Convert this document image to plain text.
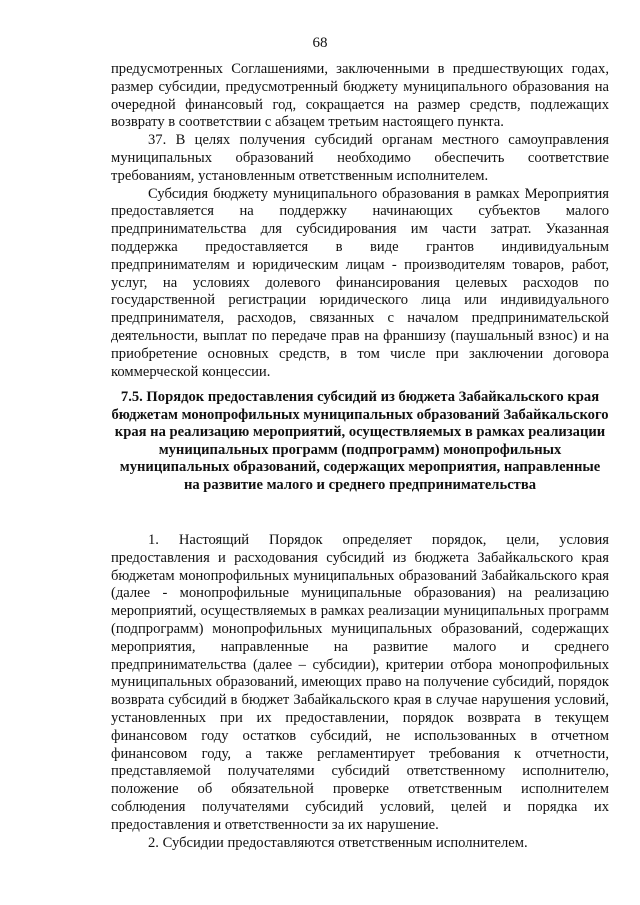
68

предусмотренных Соглашениями, заключенными в предшествующих годах, размер субсидии, предусмотренный бюджету муниципального образования на очередной финансовый год, сокращается на размер средств, подлежащих возврату в соответствии с абзацем третьим настоящего пункта.

37. В целях получения субсидий органам местного самоуправления муниципальных образований необходимо обеспечить соответствие требованиям, установленным ответственным исполнителем.

Субсидия бюджету муниципального образования в рамках Мероприятия предоставляется на поддержку начинающих субъектов малого предпринимательства для субсидирования им части затрат. Указанная поддержка предоставляется в виде грантов индивидуальным предпринимателям и юридическим лицам - производителям товаров, работ, услуг, на условиях долевого финансирования целевых расходов по государственной регистрации юридического лица или индивидуального предпринимателя, расходов, связанных с началом предпринимательской деятельности, выплат по передаче прав на франшизу (паушальный взнос) и на приобретение основных средств, в том числе при заключении договора коммерческой концессии.

7.5. Порядок предоставления субсидий из бюджета Забайкальского края бюджетам монопрофильных муниципальных образований Забайкальского края на реализацию мероприятий, осуществляемых в рамках реализации муниципальных программ (подпрограмм) монопрофильных муниципальных образований, содержащих мероприятия, направленные на развитие малого и среднего предпринимательства

1. Настоящий Порядок определяет порядок, цели, условия предоставления и расходования субсидий из бюджета Забайкальского края бюджетам монопрофильных муниципальных образований Забайкальского края (далее - монопрофильные муниципальные образования) на реализацию мероприятий, осуществляемых в рамках реализации муниципальных программ (подпрограмм) монопрофильных муниципальных образований, содержащих мероприятия, направленные на развитие малого и среднего предпринимательства (далее – субсидии), критерии отбора монопрофильных муниципальных образований, имеющих право на получение субсидий, порядок возврата субсидий в бюджет Забайкальского края в случае нарушения условий, установленных при их предоставлении, порядок возврата в текущем финансовом году остатков субсидий, не использованных в отчетном финансовом году, а также регламентирует требования к отчетности, представляемой получателями субсидий ответственному исполнителю, положение об обязательной проверке ответственным исполнителем соблюдения получателями субсидий условий, целей и порядка их предоставления и ответственности за их нарушение.

2. Субсидии предоставляются ответственным исполнителем.
